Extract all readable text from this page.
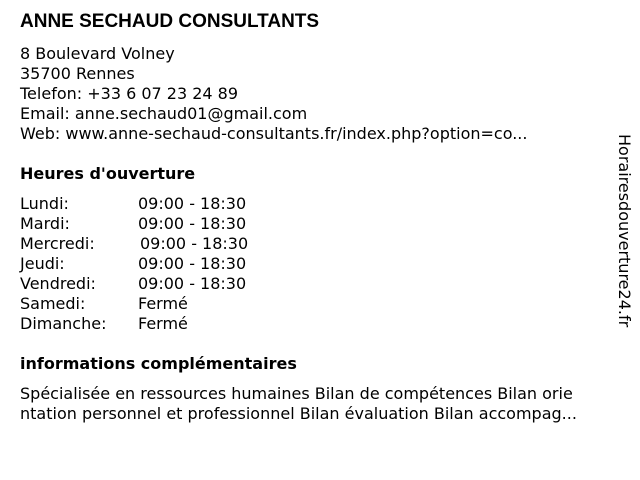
ANNE SECHAUD CONSULTANTS
8 Boulevard Volney
35700 Rennes
Telefon: +33 6 07 23 24 89
Email: anne.sechaud01@gmail.com
Web: www.anne-sechaud-consultants.fr/index.php?option=co...
Heures d'ouverture
Lundi:	09:00 - 18:30
Mardi:	09:00 - 18:30
Mercredi:	09:00 - 18:30
Jeudi:	09:00 - 18:30
Vendredi:	09:00 - 18:30
Samedi:	Fermé
Dimanche: Fermé
informations complémentaires
Spécialisée en ressources humaines Bilan de compétences Bilan orie
ntation personnel et professionnel Bilan évaluation Bilan accompag...
Horairesdouverture24.fr
